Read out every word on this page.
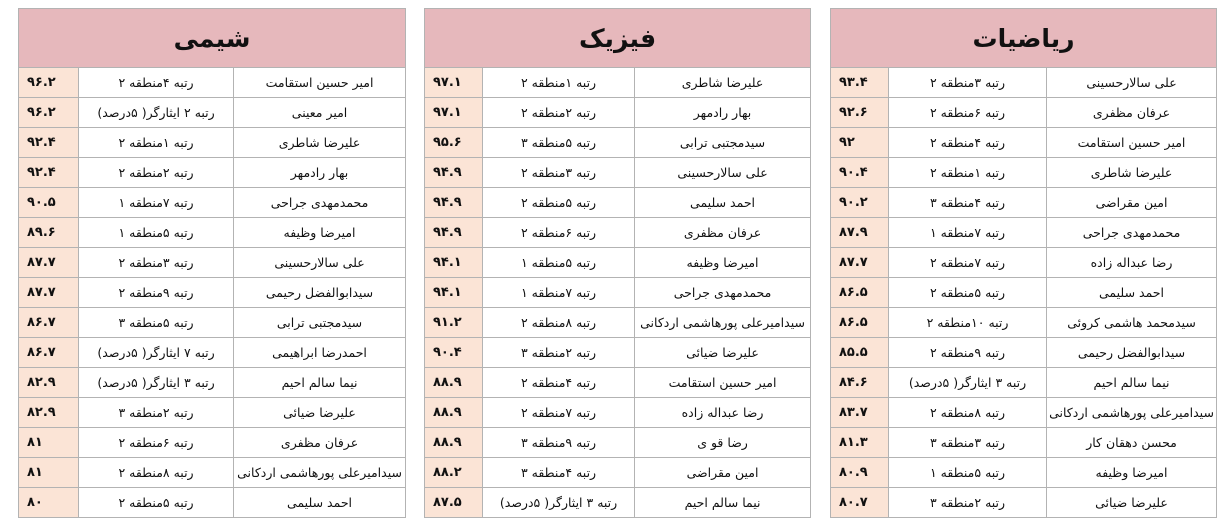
ریاضیات		
علی سالارحسینی	رتبه ۳منطقه ۲	۹۳.۴
عرفان مظفری	رتبه ۶منطقه ۲	۹۲.۶
امیر حسین استقامت	رتبه ۴منطقه ۲	۹۲
علیرضا شاطری	رتبه ۱منطقه ۲	۹۰.۴
امین مقراضی	رتبه ۴منطقه ۳	۹۰.۲
محمدمهدی جراحی	رتبه ۷منطقه ۱	۸۷.۹
رضا عبداله زاده	رتبه ۷منطقه ۲	۸۷.۷
احمد سلیمی	رتبه ۵منطقه ۲	۸۶.۵
سیدمحمد هاشمی کروئی	رتبه ۱۰منطقه ۲	۸۶.۵
سیدابوالفضل رحیمی	رتبه ۹منطقه ۲	۸۵.۵
نیما سالم احیم	رتبه ۳ ایثارگر( ۵درصد)	۸۴.۶
سیدامیرعلی پورهاشمی اردکانی	رتبه ۸منطقه ۲	۸۳.۷
محسن دهقان کار	رتبه ۳منطقه ۳	۸۱.۳
امیرضا وظیفه	رتبه ۵منطقه ۱	۸۰.۹
علیرضا ضیائی	رتبه ۲منطقه ۳	۸۰.۷
فیزیک		
علیرضا شاطری	رتبه ۱منطقه ۲	۹۷.۱
بهار رادمهر	رتبه ۲منطقه ۲	۹۷.۱
سیدمجتبی ترابی	رتبه ۵منطقه ۳	۹۵.۶
علی سالارحسینی	رتبه ۳منطقه ۲	۹۴.۹
احمد سلیمی	رتبه ۵منطقه ۲	۹۴.۹
عرفان مظفری	رتبه ۶منطقه ۲	۹۴.۹
امیرضا وظیفه	رتبه ۵منطقه ۱	۹۴.۱
محمدمهدی جراحی	رتبه ۷منطقه ۱	۹۴.۱
سیدامیرعلی پورهاشمی اردکانی	رتبه ۸منطقه ۲	۹۱.۲
علیرضا ضیائی	رتبه ۲منطقه ۳	۹۰.۴
امیر حسین استقامت	رتبه ۴منطقه ۲	۸۸.۹
رضا عبداله زاده	رتبه ۷منطقه ۲	۸۸.۹
رضا قو ی	رتبه ۹منطقه ۳	۸۸.۹
امین مقراضی	رتبه ۴منطقه ۳	۸۸.۲
نیما سالم احیم	رتبه ۳ ایثارگر( ۵درصد)	۸۷.۵
شیمی		
امیر حسین استقامت	رتبه ۴منطقه ۲	۹۶.۲
امیر معینی	رتبه ۲ ایثارگر( ۵درصد)	۹۶.۲
علیرضا شاطری	رتبه ۱منطقه ۲	۹۲.۴
بهار رادمهر	رتبه ۲منطقه ۲	۹۲.۴
محمدمهدی جراحی	رتبه ۷منطقه ۱	۹۰.۵
امیرضا وظیفه	رتبه ۵منطقه ۱	۸۹.۶
علی سالارحسینی	رتبه ۳منطقه ۲	۸۷.۷
سیدابوالفضل رحیمی	رتبه ۹منطقه ۲	۸۷.۷
سیدمجتبی ترابی	رتبه ۵منطقه ۳	۸۶.۷
احمدرضا ابراهیمی	رتبه ۷ ایثارگر( ۵درصد)	۸۶.۷
نیما سالم احیم	رتبه ۳ ایثارگر( ۵درصد)	۸۲.۹
علیرضا ضیائی	رتبه ۲منطقه ۳	۸۲.۹
عرفان مظفری	رتبه ۶منطقه ۲	۸۱
سیدامیرعلی پورهاشمی اردکانی	رتبه ۸منطقه ۲	۸۱
احمد سلیمی	رتبه ۵منطقه ۲	۸۰
